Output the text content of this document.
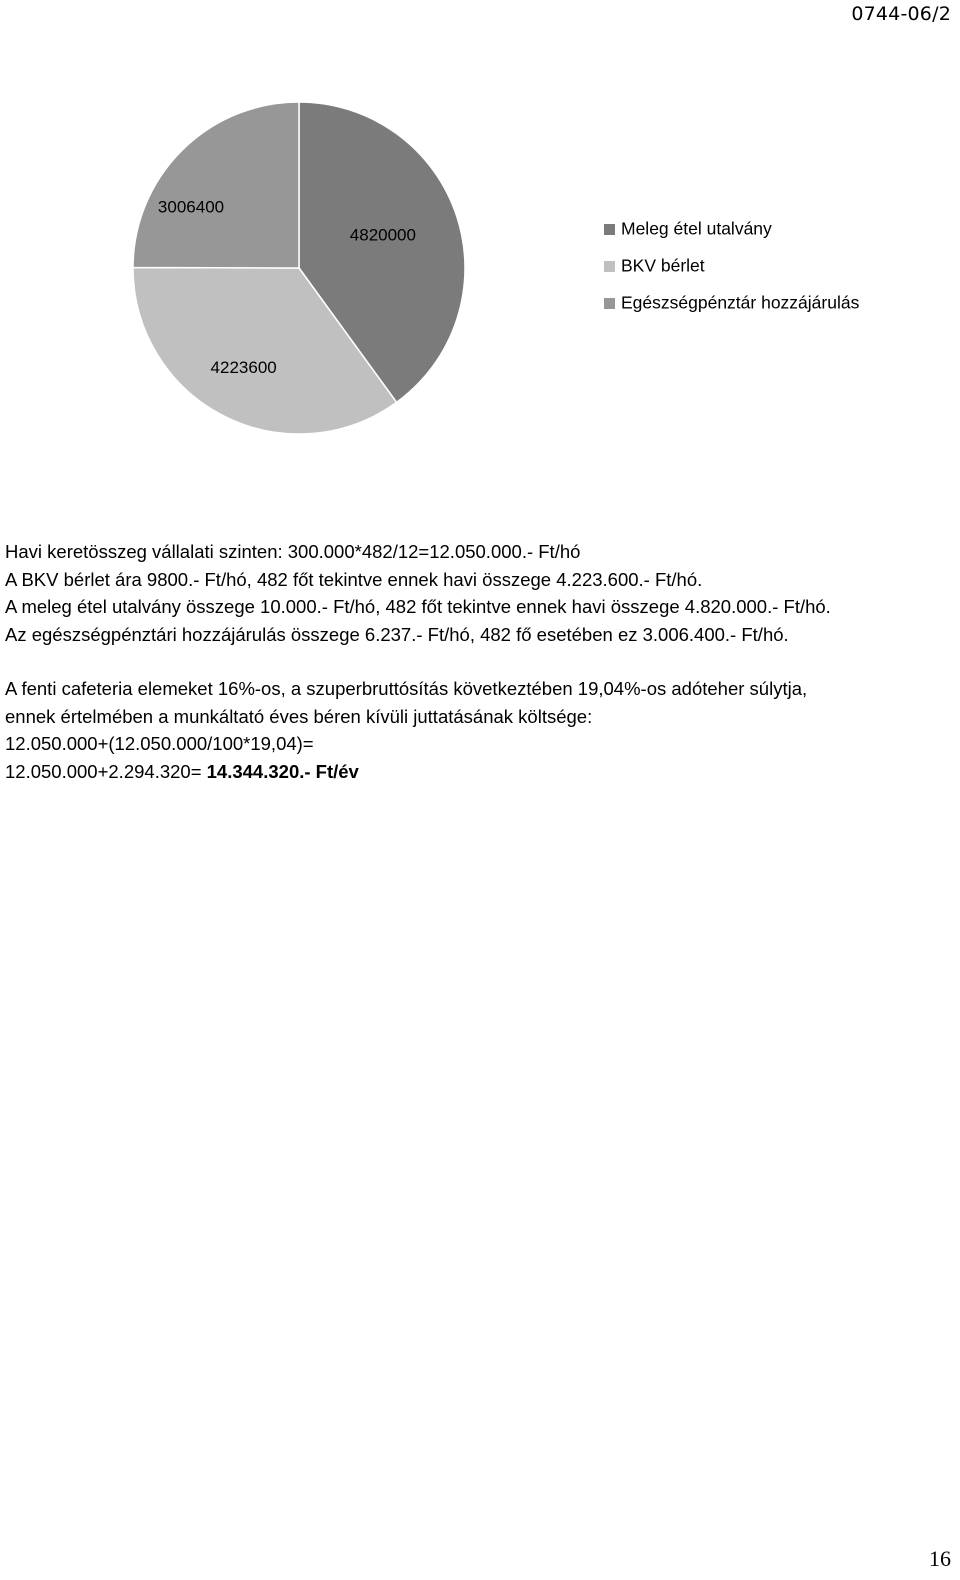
0744-06/2
4820000
4223600
3006400
Meleg étel utalvány
BKV bérlet
Egészségpénztár hozzájárulás

Havi keretösszeg vállalati szinten: 300.000*482/12=12.050.000.- Ft/hó

A BKV bérlet ára 9800.- Ft/hó, 482 főt tekintve ennek havi összege 4.223.600.- Ft/hó.

A meleg étel utalvány összege 10.000.- Ft/hó, 482 főt tekintve ennek havi összege 4.820.000.- Ft/hó.

Az egészségpénztári hozzájárulás összege 6.237.- Ft/hó, 482 fő esetében ez 3.006.400.- Ft/hó.

A fenti cafeteria elemeket 16%-os, a szuperbruttósítás következtében 19,04%-os adóteher súlytja,

ennek értelmében a munkáltató éves béren kívüli juttatásának költsége:

12.050.000+(12.050.000/100*19,04)=

12.050.000+2.294.320= 14.344.320.- Ft/év

16
